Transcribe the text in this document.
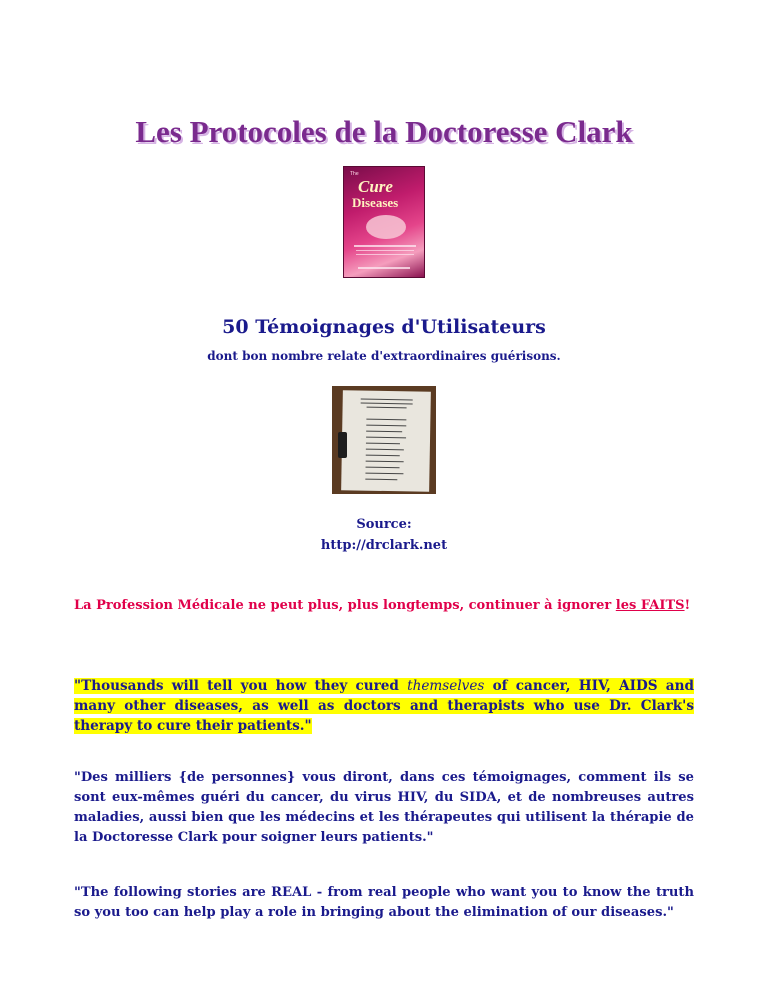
Les Protocoles de la Doctoresse Clark
The
Cure
Diseases
50 Témoignages d'Utilisateurs
dont bon nombre relate d'extraordinaires guérisons.
Source:
http://drclark.net
La Profession Médicale ne peut plus, plus longtemps, continuer à ignorer les FAITS!
"Thousands will tell you how they cured themselves of cancer, HIV, AIDS and many other diseases, as well as doctors and therapists who use Dr. Clark's therapy to cure their patients."
"Des milliers {de personnes} vous diront, dans ces témoignages, comment ils se sont eux-mêmes guéri du cancer, du virus HIV, du SIDA, et de nombreuses autres maladies, aussi bien que les médecins et les thérapeutes qui utilisent la thérapie de la Doctoresse Clark pour soigner leurs patients."
"The following stories are REAL - from real people who want you to know the truth so you too can help play a role in bringing about the elimination of our diseases."
